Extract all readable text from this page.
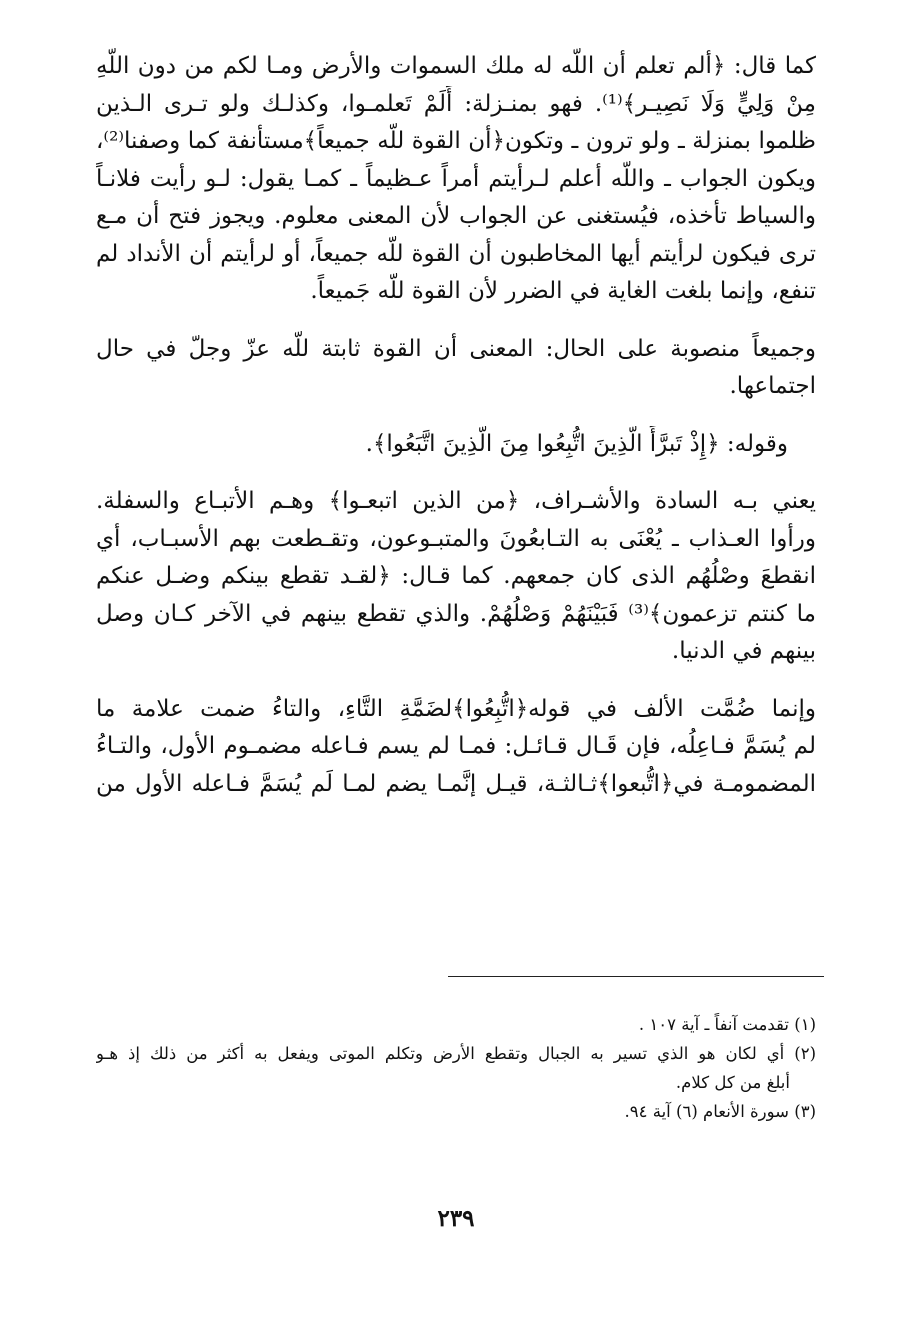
كما قال: ﴿ألم تعلم أن اللّه له ملك السموات والأرض ومـا لكم من دون اللّهِ
مِنْ وَلِيٍّ وَلَا نَصِيـر﴾⁽¹⁾. فهو بمنـزلة: أَلَمْ تَعلمـوا، وكذلـك ولو تـرى الـذين
ظلموا بمنزلة ـ ولو ترون ـ وتكون﴿أن القوة للّه جميعاً﴾مستأنفة كما وصفنا⁽²⁾،
ويكون الجواب ـ واللّه أعلم لـرأيتم أمراً عـظيماً ـ كمـا يقول: لـو رأيت فلانـاً
والسياط تأْخذه، فيُستغنى عن الجواب لأن المعنى معلوم. ويجوز فتح أن مـع
ترى فيكون لرأيتم أيها المخاطبون أن القوة للّه جميعاً، أو لرأيتم أن الأنداد لم
تنفع، وإنما بلغت الغاية في الضرر لأن القوة للّه جَميعاً.
وجميعاً منصوبة على الحال: المعنى أن القوة ثابتة للّه عزّ وجلّ في حال
اجتماعها.
وقوله: ﴿إِذْ تَبرَّأَ الَّذِينَ اتُّبِعُوا مِنَ الَّذِينَ اتَّبَعُوا﴾.
يعني بـه السادة والأشـراف، ﴿من الذين اتبعـوا﴾ وهـم الأتبـاع والسفلة.
ورأوا العـذاب ـ يُعْنَى به التـابعُونَ والمتبـوعون، وتقـطعت بهم الأسبـاب، أي
انقطعَ وصْلُهُم الذى كان جمعهم. كما قـال: ﴿لقـد تقطع بينكم وضـل عنكم
ما كنتم تزعمون﴾⁽³⁾ فَبَيْنَهُمْ وَصْلُهُمْ. والذي تقطع بينهم في الآخر كـان وصل
بينهم في الدنيا.
وإنما ضُمَّت الألف في قوله﴿اتُّبِعُوا﴾لضَمَّةِ التَّاءِ، والتاءُ ضمت علامة ما
لم يُسَمَّ فـاعِلُه، فإن قَـال قـائـل: فمـا لم يسم فـاعله مضمـوم الأول، والتـاءُ
المضمومـة في﴿اتُّبعوا﴾ثـالثـة، قيـل إنَّمـا يضم لمـا لَم يُسَمَّ فـاعله الأول من
(١) تقدمت آنفاً ـ آية ١٠٧ .
(٢) أي لكان هو الذي تسير به الجبال وتقطع الأرض وتكلم الموتى ويفعل به أكثر من ذلك إذ هـو
أبلغ من كل كلام.
(٣) سورة الأنعام (٦) آية ٩٤.
٢٣٩
